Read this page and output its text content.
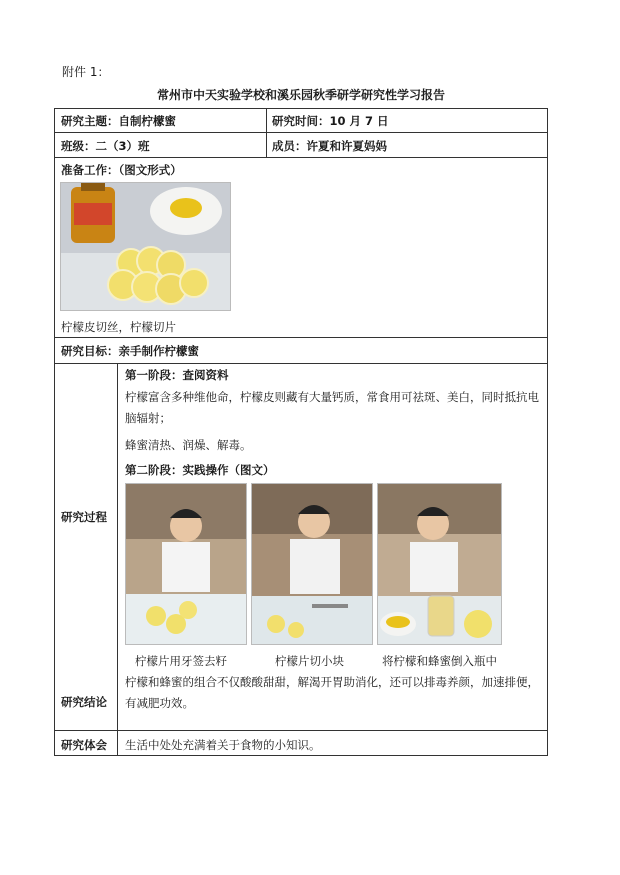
附件 1：
常州市中天实验学校和溪乐园秋季研学研究性学习报告
研究主题：自制柠檬蜜	研究时间：10 月 7 日
班级：二（3）班	成员：许夏和许夏妈妈
准备工作：（图文形式）
柠檬皮切丝，柠檬切片
研究目标：亲手制作柠檬蜜
研究过程
第一阶段：查阅资料
柠檬富含多种维他命，柠檬皮则藏有大量钙质，常食用可祛斑、美白，同时抵抗电脑辐射；
蜂蜜清热、润燥、解毒。
第二阶段：实践操作（图文）
柠檬片用牙签去籽	柠檬片切小块	将柠檬和蜂蜜倒入瓶中
研究结论
柠檬和蜂蜜的组合不仅酸酸甜甜，解渴开胃助消化，还可以排毒养颜，加速排便，有减肥功效。
研究体会 生活中处处充满着关于食物的小知识。
